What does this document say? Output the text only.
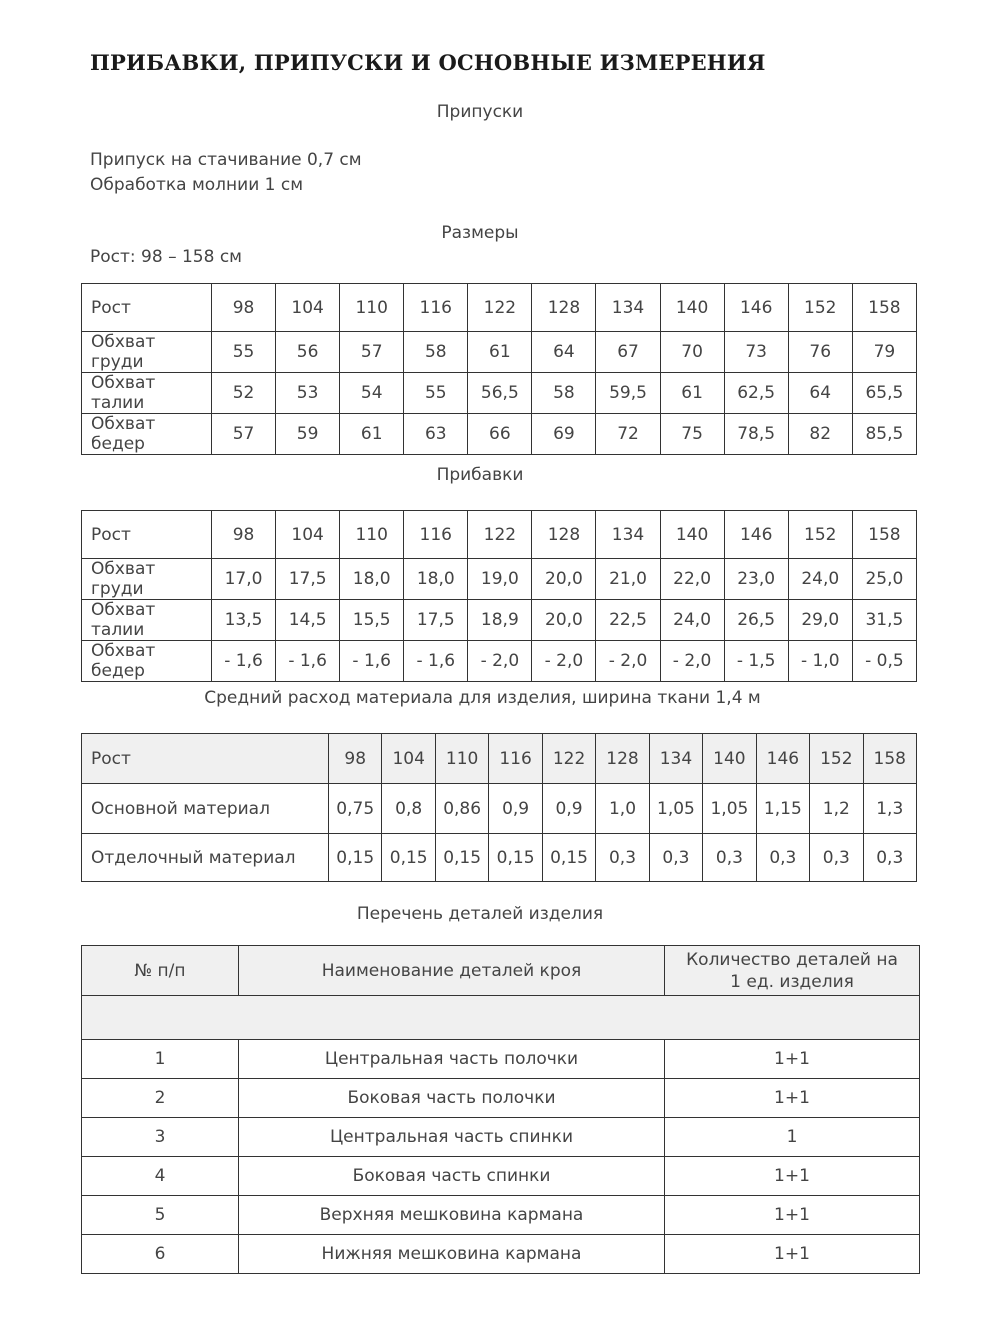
ПРИБАВКИ, ПРИПУСКИ И ОСНОВНЫЕ ИЗМЕРЕНИЯ
Припуски
Припуск на стачивание 0,7 см
Обработка молнии 1 см
Размеры
Рост: 98 – 158 см
Рост	98	104	110	116	122	128	134	140	146	152	158
Обхват груди	55	56	57	58	61	64	67	70	73	76	79
Обхват талии	52	53	54	55	56,5	58	59,5	61	62,5	64	65,5
Обхват бедер	57	59	61	63	66	69	72	75	78,5	82	85,5
Прибавки
Рост	98	104	110	116	122	128	134	140	146	152	158
Обхват груди	17,0	17,5	18,0	18,0	19,0	20,0	21,0	22,0	23,0	24,0	25,0
Обхват талии	13,5	14,5	15,5	17,5	18,9	20,0	22,5	24,0	26,5	29,0	31,5
Обхват бедер	- 1,6	- 1,6	- 1,6	- 1,6	- 2,0	- 2,0	- 2,0	- 2,0	- 1,5	- 1,0	- 0,5
Средний расход материала для изделия, ширина ткани 1,4 м
Рост	98	104	110	116	122	128	134	140	146	152	158
Основной материал	0,75	0,8	0,86	0,9	0,9	1,0	1,05	1,05	1,15	1,2	1,3
Отделочный материал	0,15	0,15	0,15	0,15	0,15	0,3	0,3	0,3	0,3	0,3	0,3
Перечень деталей изделия
№ п/п	Наименование деталей кроя	Количество деталей на 1 ед. изделия

1	Центральная часть полочки	1+1
2	Боковая часть полочки	1+1
3	Центральная часть спинки	1
4	Боковая часть спинки	1+1
5	Верхняя мешковина кармана	1+1
6	Нижняя мешковина кармана	1+1
